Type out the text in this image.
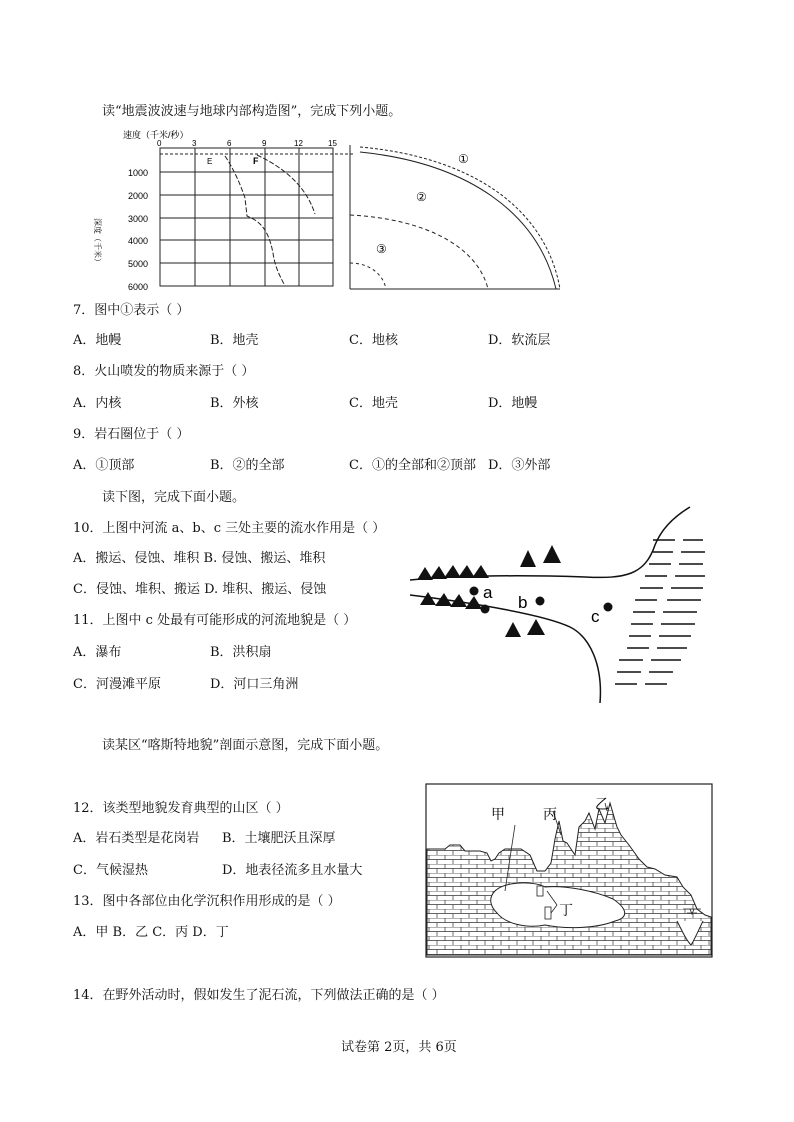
读“地震波波速与地球内部构造图”，完成下列小题。
速度（千米/秒）
0	3	6	9	12	15
1000
2000
3000
4000
5000
6000
深度（千米）
E	F	①
②
③
7．图中①表示（ ）
A．地幔	B．地壳	C．地核	D．软流层
8．火山喷发的物质来源于（ ）
A．内核	B．外核	C．地壳	D．地幔
9．岩石圈位于（ ）
A．①顶部	B．②的全部	C．①的全部和②顶部 D．③外部
读下图，完成下面小题。
10．上图中河流 a、b、c 三处主要的流水作用是（ ）
A．搬运、侵蚀、堆积 B. 侵蚀、搬运、堆积
C．侵蚀、堆积、搬运 D. 堆积、搬运、侵蚀	a
b
c
11．上图中 c 处最有可能形成的河流地貌是（ ）
A．瀑布	B．洪积扇
C．河漫滩平原	D．河口三角洲
读某区“喀斯特地貌”剖面示意图，完成下面小题。
12．该类型地貌发育典型的山区（ ）
A．岩石类型是花岗岩 B．土壤肥沃且深厚
C．气候湿热	D．地表径流多且水量大
甲	丙
乙
丁
13．图中各部位由化学沉积作用形成的是（ ）
A．甲 B．乙 C．丙 D．丁
14．在野外活动时，假如发生了泥石流，下列做法正确的是（ ）
试卷第 2页，共 6页
